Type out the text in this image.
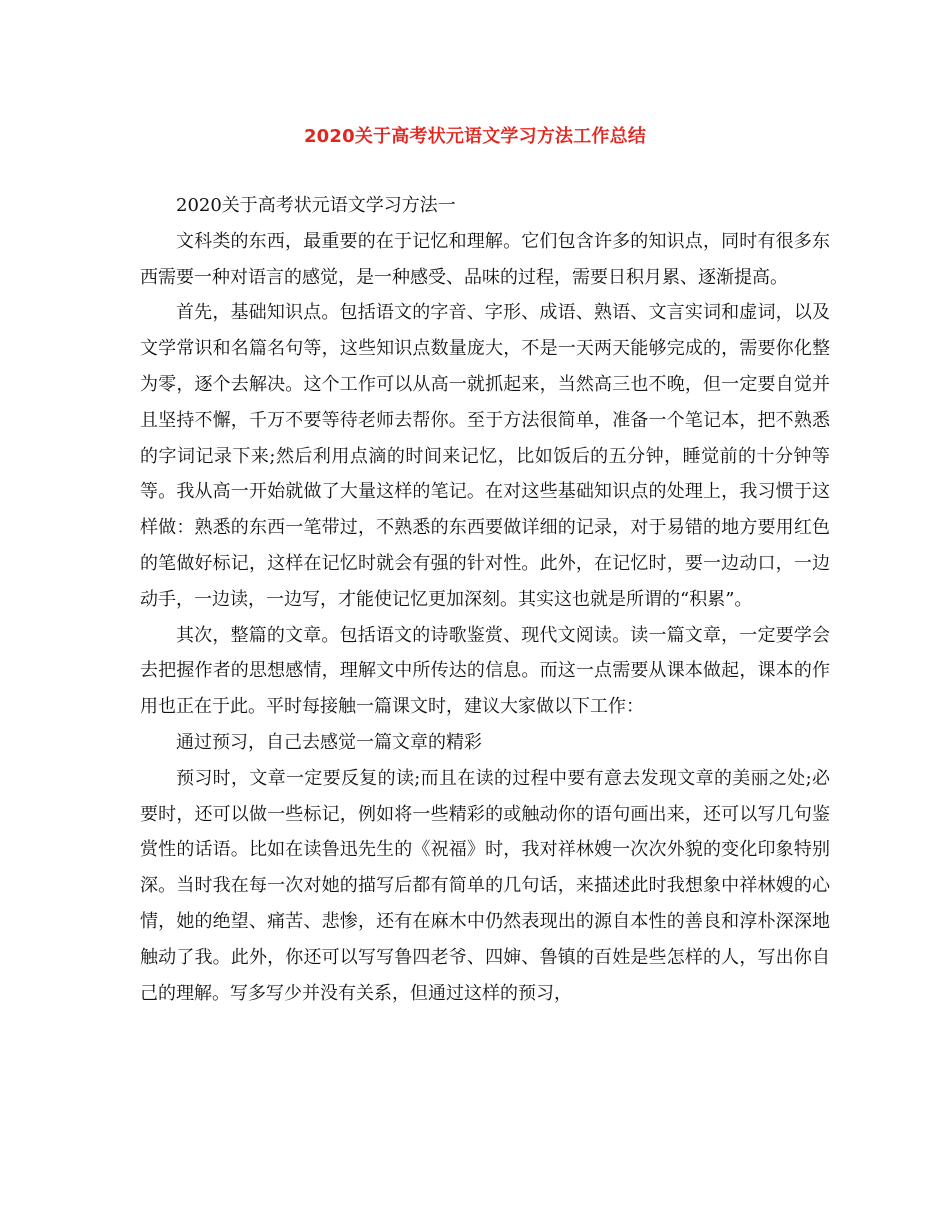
2020关于高考状元语文学习方法工作总结

2020关于高考状元语文学习方法一

文科类的东西，最重要的在于记忆和理解。它们包含许多的知识点，同时有很多东西需要一种对语言的感觉，是一种感受、品味的过程，需要日积月累、逐渐提高。

首先，基础知识点。包括语文的字音、字形、成语、熟语、文言实词和虚词，以及文学常识和名篇名句等，这些知识点数量庞大，不是一天两天能够完成的，需要你化整为零，逐个去解决。这个工作可以从高一就抓起来，当然高三也不晚，但一定要自觉并且坚持不懈，千万不要等待老师去帮你。至于方法很简单，准备一个笔记本，把不熟悉的字词记录下来;然后利用点滴的时间来记忆，比如饭后的五分钟，睡觉前的十分钟等等。我从高一开始就做了大量这样的笔记。在对这些基础知识点的处理上，我习惯于这样做：熟悉的东西一笔带过，不熟悉的东西要做详细的记录，对于易错的地方要用红色的笔做好标记，这样在记忆时就会有强的针对性。此外，在记忆时，要一边动口，一边动手，一边读，一边写，才能使记忆更加深刻。其实这也就是所谓的“积累”。

其次，整篇的文章。包括语文的诗歌鉴赏、现代文阅读。读一篇文章，一定要学会去把握作者的思想感情，理解文中所传达的信息。而这一点需要从课本做起，课本的作用也正在于此。平时每接触一篇课文时，建议大家做以下工作：

通过预习，自己去感觉一篇文章的精彩

预习时，文章一定要反复的读;而且在读的过程中要有意去发现文章的美丽之处;必要时，还可以做一些标记，例如将一些精彩的或触动你的语句画出来，还可以写几句鉴赏性的话语。比如在读鲁迅先生的《祝福》时，我对祥林嫂一次次外貌的变化印象特别深。当时我在每一次对她的描写后都有简单的几句话，来描述此时我想象中祥林嫂的心情，她的绝望、痛苦、悲惨，还有在麻木中仍然表现出的源自本性的善良和淳朴深深地触动了我。此外，你还可以写写鲁四老爷、四婶、鲁镇的百姓是些怎样的人，写出你自己的理解。写多写少并没有关系，但通过这样的预习，
